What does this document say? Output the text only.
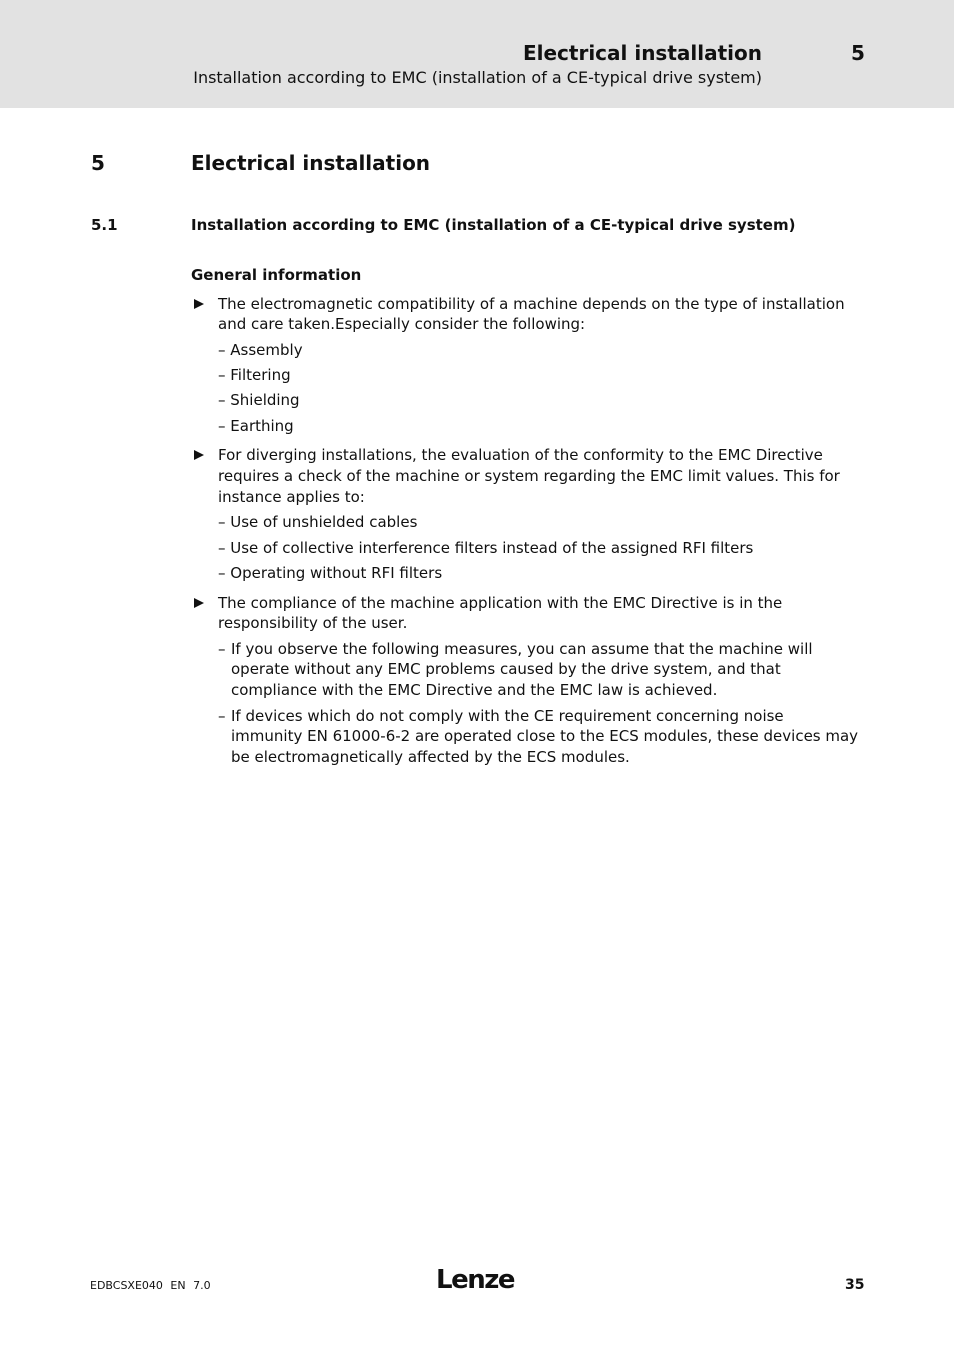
Electrical installation	5
Installation according to EMC (installation of a CE-typical drive system)
5	Electrical installation
5.1	Installation according to EMC (installation of a CE-typical drive system)
General information
The electromagnetic compatibility of a machine depends on the type of installation
and care taken.Especially consider the following:
– Assembly
– Filtering
– Shielding
– Earthing
For diverging installations, the evaluation of the conformity to the EMC Directive
requires a check of the machine or system regarding the EMC limit values. This for
instance applies to:
– Use of unshielded cables
– Use of collective interference filters instead of the assigned RFI filters
– Operating without RFI filters
The compliance of the machine application with the EMC Directive is in the
responsibility of the user.
– If you observe the following measures, you can assume that the machine will
operate without any EMC problems caused by the drive system, and that
compliance with the EMC Directive and the EMC law is achieved.
– If devices which do not comply with the CE requirement concerning noise
immunity EN 61000-6-2 are operated close to the ECS modules, these devices may
be electromagnetically affected by the ECS modules.
EDBCSXE040 EN 7.0	Lenze	35
